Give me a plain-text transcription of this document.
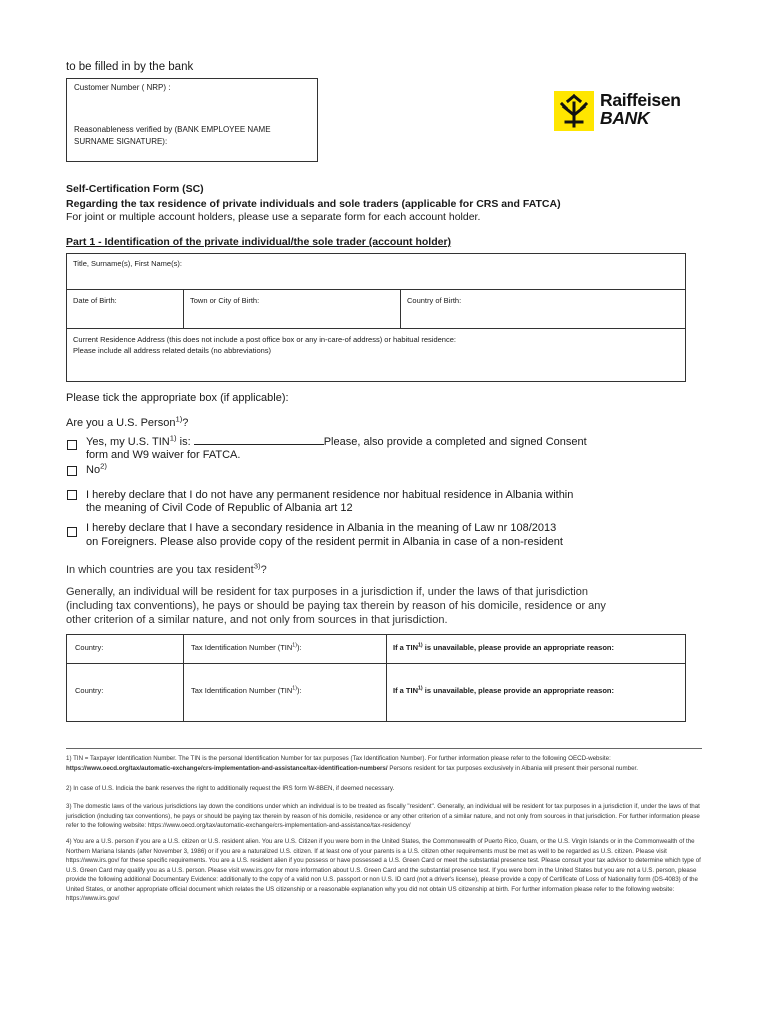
to be filled in by the bank
Customer Number ( NRP) :
Reasonableness verified by (BANK EMPLOYEE NAME SURNAME SIGNATURE):
Raiffeisen
BANK
Self-Certification Form (SC)
Regarding the tax residence of private individuals and sole traders (applicable for CRS and FATCA)
For joint or multiple account holders, please use a separate form for each account holder.
Part 1 - Identification of the private individual/the sole trader (account holder)
Title, Surname(s), First Name(s):
Date of Birth:	Town or City of Birth:	Country of Birth:
Current Residence Address (this does not include a post office box or any in-care-of address) or habitual residence:
Please include all address related details (no abbreviations)
Please tick the appropriate box (if applicable):
Are you a U.S. Person$^{1)}$?
Yes, my U.S. TIN$^{1)}$ is:	Please, also provide a completed and signed Consent
form and W9 waiver for FATCA.
No$^{2)}$
I hereby declare that I do not have any permanent residence nor habitual residence in Albania within
the meaning of Civil Code of Republic of Albania art 12
I hereby declare that I have a secondary residence in Albania in the meaning of Law nr 108/2013
on Foreigners. Please also provide copy of the resident permit in Albania in case of a non-resident
In which countries are you tax resident$^{3)}$?
Generally, an individual will be resident for tax purposes in a jurisdiction if, under the laws of that jurisdiction (including tax conventions), he pays or should be paying tax therein by reason of his domicile, residence or any other criterion of a similar nature, and not only from sources in that jurisdiction.
Country:	Tax Identification Number (TIN$^{1)}$):	If a TIN$^{1)}$ is unavailable, please provide an appropriate reason:
Country:	Tax Identification Number (TIN$^{1)}$):	If a TIN$^{1)}$ is unavailable, please provide an appropriate reason:
1) TIN = Taxpayer Identification Number. The TIN is the personal Identification Number for tax purposes (Tax Identification Number). For further information please refer to the following OECD-website:
https://www.oecd.org/tax/automatic-exchange/crs-implementation-and-assistance/tax-identification-numbers/ Persons resident for tax purposes exclusively in Albania will present their personal number.
2) In case of U.S. Indicia the bank reserves the right to additionally request the IRS form W-8BEN, if deemed necessary.
3) The domestic laws of the various jurisdictions lay down the conditions under which an individual is to be treated as fiscally "resident". Generally, an individual will be resident for tax purposes in a jurisdiction if, under the laws of that jurisdiction (including tax conventions), he pays or should be paying tax therein by reason of his domicile, residence or any other criterion of a similar nature, and not only from sources in that jurisdiction. For further information please refer to the following website: https://www.oecd.org/tax/automatic-exchange/crs-implementation-and-assistance/tax-residency/
4) You are a U.S. person if you are a U.S. citizen or U.S. resident alien. You are U.S. Citizen if you were born in the United States, the Commonwealth of Puerto Rico, Guam, or the U.S. Virgin Islands or in the Commonwealth of the Northern Mariana Islands (after November 3, 1986) or if you are a naturalized U.S. citizen. If at least one of your parents is a U.S. citizen other requirements must be met as well to be regarded as U.S. citizen. Please visit https://www.irs.gov/ for these specific requirements. You are a U.S. resident alien if you possess or have possessed a U.S. Green Card or meet the substantial presence test. Please consult your tax advisor to determine which type of U.S. Green Card may qualify you as a U.S. person. Please visit www.irs.gov for more information about U.S. Green Card and the substantial presence test. If you were born in the United States but you are not a U.S. person, please provide the following additional Documentary Evidence: additionally to the copy of a valid non U.S. passport or non U.S. ID card (not a driver's license), please provide a copy of Certificate of Loss of Nationality form (DS-4083) of the United States, or another appropriate official document which relates the US citizenship or a reasonable explanation why you did not obtain US citizenship at birth. For further information please refer to the following website: https://www.irs.gov/
